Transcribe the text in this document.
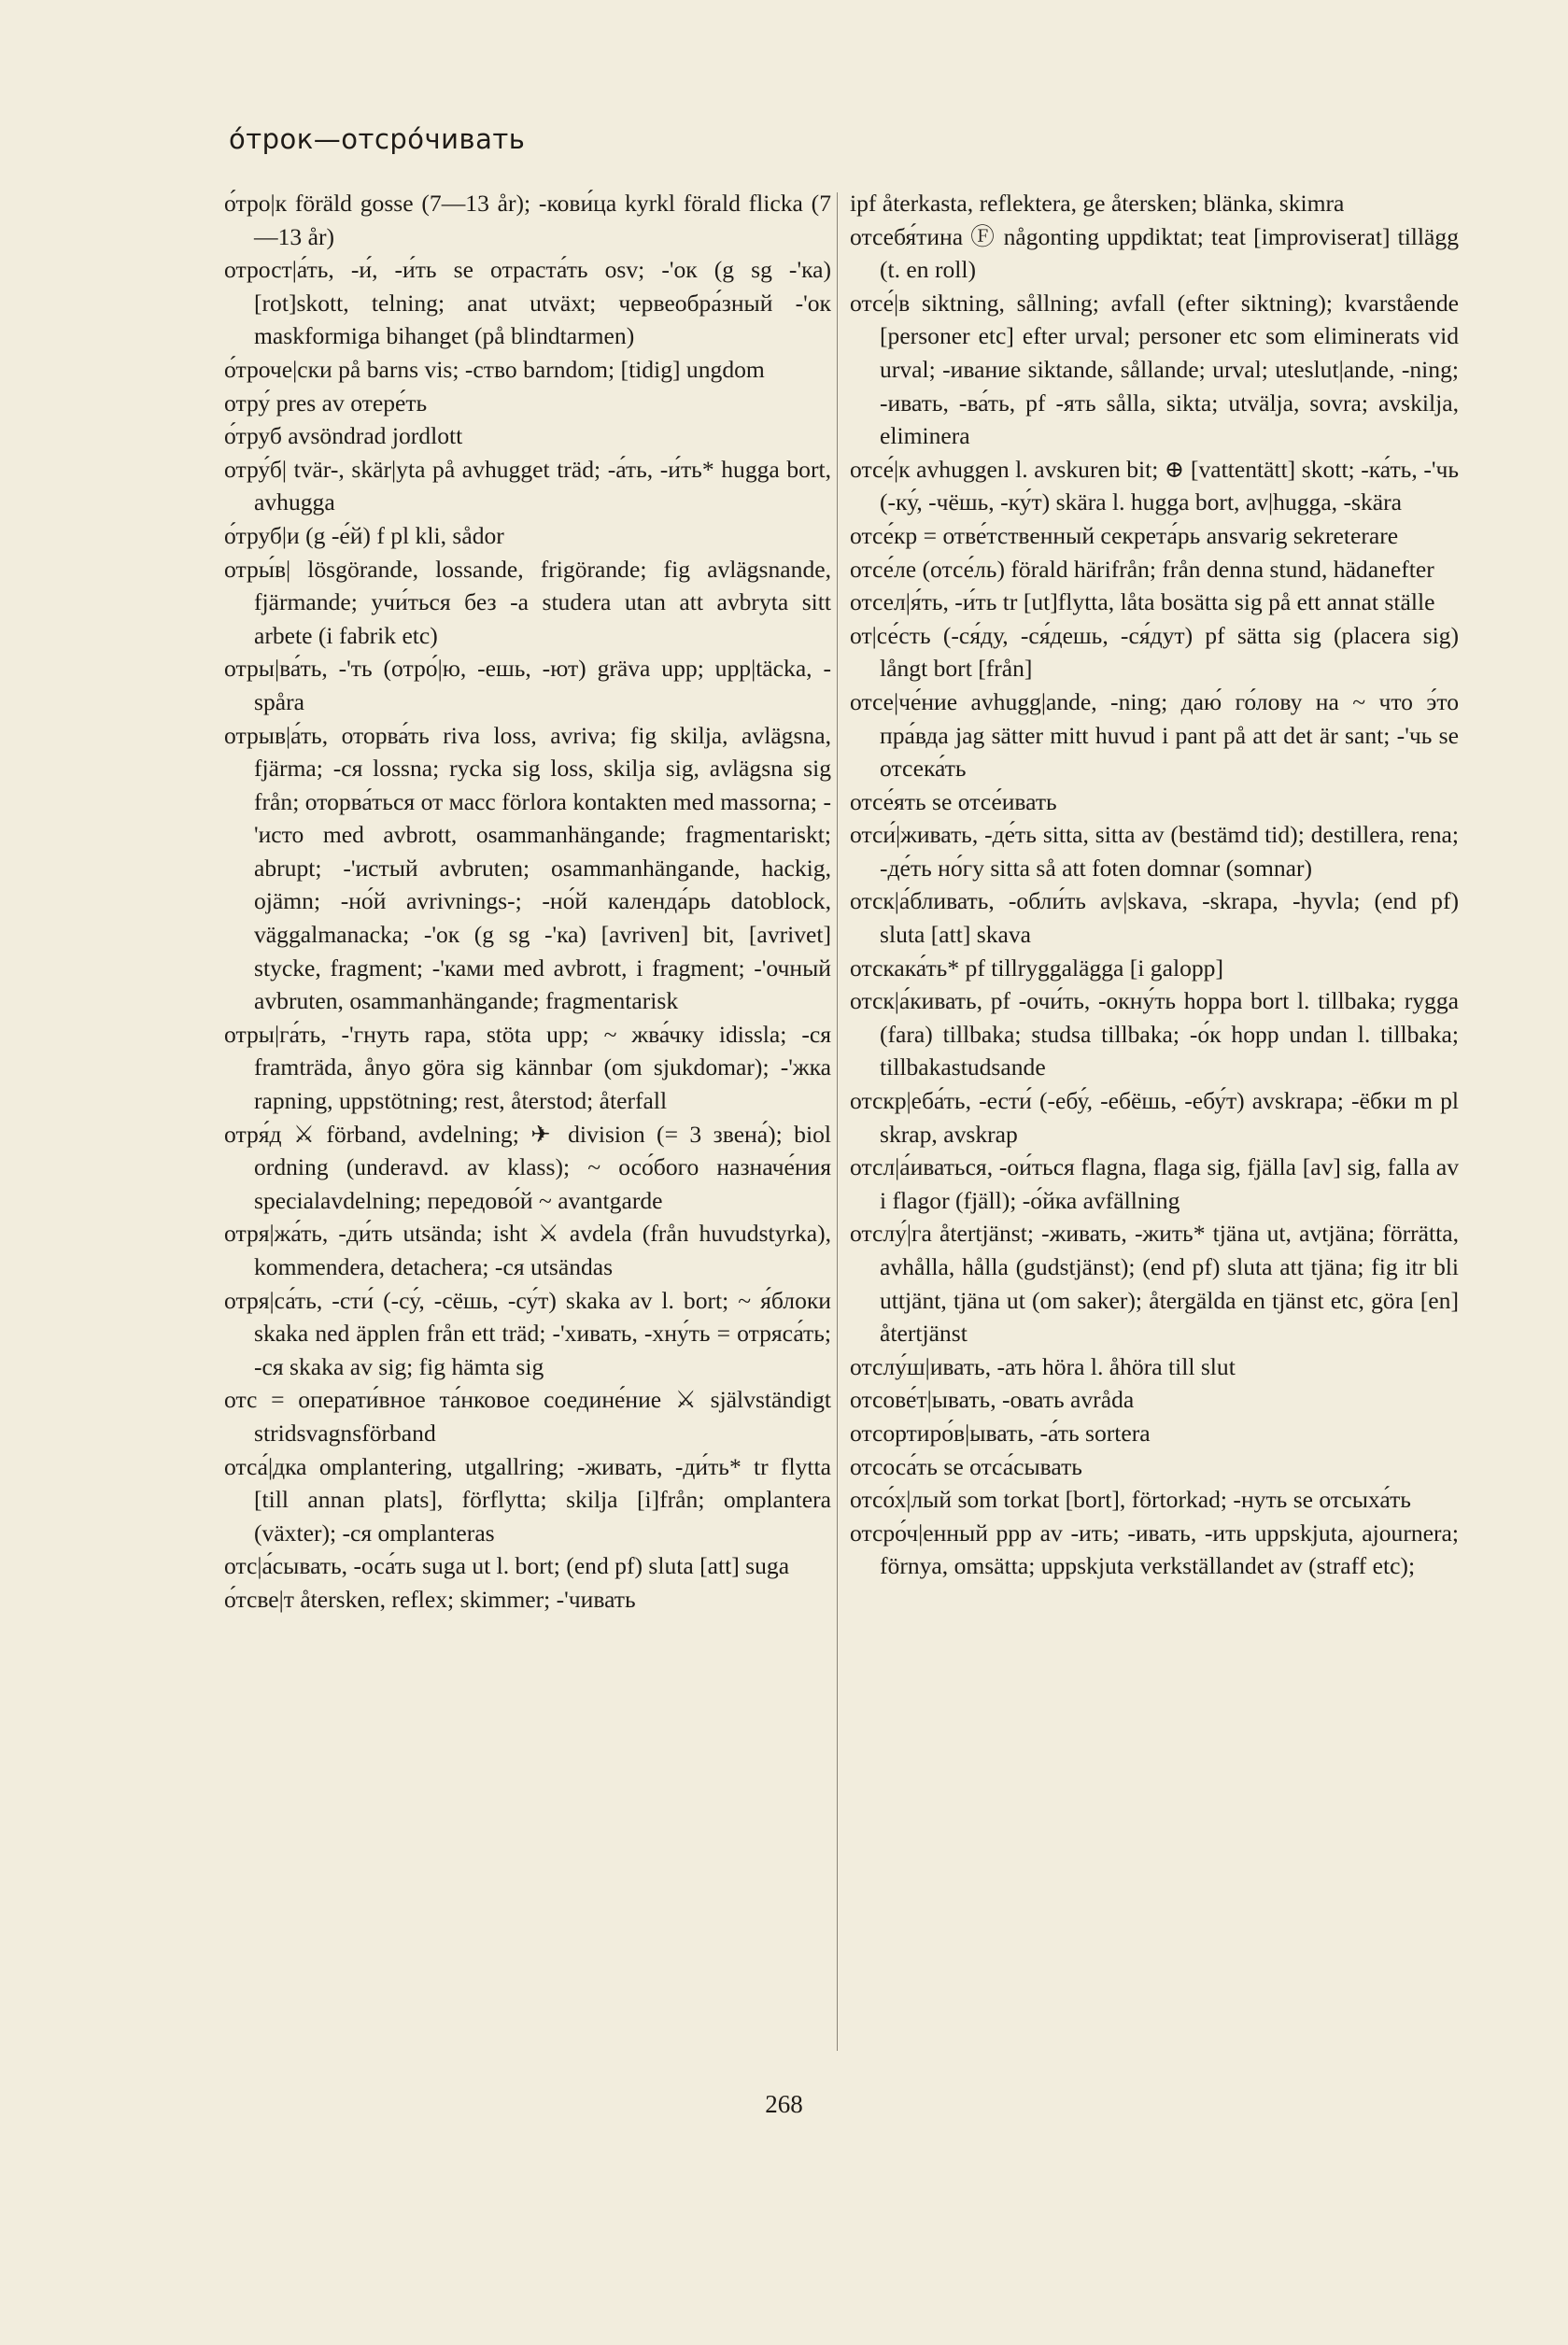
о́трок—отсро́чивать

о́тро|к föräld gosse (7—13 år); -кови́ца kyrkl förald flicka (7—13 år)

отрост|а́ть, -и́, -и́ть se отраста́ть osv; -'ок (g sg -'ка) [rot]skott, telning; anat utväxt; червеобра́зный -'ок maskformiga bihanget (på blindtarmen)

о́троче|ски på barns vis; -ство barndom; [tidig] ungdom

отру́ pres av отере́ть

о́труб avsöndrad jordlott

отру́б| tvär-, skär|yta på avhugget träd; -а́ть, -и́ть* hugga bort, avhugga

о́труб|и (g -е́й) f pl kli, sådor

отры́в| lösgörande, lossande, frigörande; fig avlägsnande, fjärmande; учи́ться без -а studera utan att avbryta sitt arbete (i fabrik etc)

отры|ва́ть, -'ть (отро́|ю, -ешь, -ют) gräva upp; upp|täcka, -spåra

отрыв|а́ть, оторва́ть riva loss, avriva; fig skilja, avlägsna, fjärma; -ся lossna; rycka sig loss, skilja sig, avlägsna sig från; оторва́ться от масс förlora kontakten med massorna; -'исто med avbrott, osammanhängande; fragmentariskt; abrupt; -'истый avbruten; osammanhängande, hackig, ojämn; -но́й avrivnings-; -но́й календа́рь datoblock, väggalmanacka; -'ок (g sg -'ка) [avriven] bit, [avrivet] stycke, fragment; -'ками med avbrott, i fragment; -'очный avbruten, osammanhängande; fragmentarisk

отры|га́ть, -'гнуть rapa, stöta upp; ~ жва́чку idissla; -ся framträda, ånyo göra sig kännbar (om sjukdomar); -'жка rapning, uppstötning; rest, återstod; återfall

отря́д ⚔ förband, avdelning; ✈ division (= 3 звена́); biol ordning (underavd. av klass); ~ осо́бого назначе́ния specialavdelning; передово́й ~ avantgarde

отря|жа́ть, -ди́ть utsända; isht ⚔ avdela (från huvudstyrka), kommendera, detachera; -ся utsändas

отря|са́ть, -сти́ (-су́, -сёшь, -су́т) skaka av l. bort; ~ я́блоки skaka ned äpplen från ett träd; -'хивать, -хну́ть = отряса́ть; -ся skaka av sig; fig hämta sig

отс = операти́вное та́нковое соедине́ние ⚔ självständigt stridsvagnsförband

отса́|дка omplantering, utgallring; -живать, -ди́ть* tr flytta [till annan plats], förflytta; skilja [i]från; omplantera (växter); -ся omplanteras

отс|а́сывать, -оса́ть suga ut l. bort; (end pf) sluta [att] suga

о́тсве|т återsken, reflex; skimmer; -'чивать

ipf återkasta, reflektera, ge återsken; blänka, skimra

отсебя́тина Ⓕ någonting uppdiktat; teat [improviserat] tillägg (t. en roll)

отсе́|в siktning, sållning; avfall (efter siktning); kvarstående [personer etc] efter urval; personer etc som eliminerats vid urval; -ивание siktande, sållande; urval; uteslut|ande, -ning; -ивать, -ва́ть, pf -ять sålla, sikta; utvälja, sovra; avskilja, eliminera

отсе́|к avhuggen l. avskuren bit; ⊕ [vattentätt] skott; -ка́ть, -'чь (-ку́, -чёшь, -ку́т) skära l. hugga bort, av|hugga, -skära

отсе́кр = отве́тственный секрета́рь ansvarig sekreterare

отсе́ле (отсе́ль) förald härifrån; från denna stund, hädanefter

отсел|я́ть, -и́ть tr [ut]flytta, låta bosätta sig på ett annat ställe

от|се́сть (-ся́ду, -ся́дешь, -ся́дут) pf sätta sig (placera sig) långt bort [från]

отсе|че́ние avhugg|ande, -ning; даю́ го́лову на ~ что э́то пра́вда jag sätter mitt huvud i pant på att det är sant; -'чь se отсека́ть

отсе́ять se отсе́ивать

отси́|живать, -де́ть sitta, sitta av (bestämd tid); destillera, rena; -де́ть но́гу sitta så att foten domnar (somnar)

отск|а́бливать, -обли́ть av|skava, -skrapa, -hyvla; (end pf) sluta [att] skava

отскака́ть* pf tillryggalägga [i galopp]

отск|а́кивать, pf -очи́ть, -окну́ть hoppa bort l. tillbaka; rygga (fara) tillbaka; studsa tillbaka; -о́к hopp undan l. tillbaka; tillbakastudsande

отскр|еба́ть, -ести́ (-ебу́, -ебёшь, -ебу́т) avskrapa; -ёбки m pl skrap, avskrap

отсл|а́иваться, -ои́ться flagna, flaga sig, fjälla [av] sig, falla av i flagor (fjäll); -о́йка avfällning

отслу́|га återtjänst; -живать, -жить* tjäna ut, avtjäna; förrätta, avhålla, hålla (gudstjänst); (end pf) sluta att tjäna; fig itr bli uttjänt, tjäna ut (om saker); återgälda en tjänst etc, göra [en] återtjänst

отслу́ш|ивать, -ать höra l. åhöra till slut

отсове́т|ывать, -овать avråda

отсортиро́в|ывать, -а́ть sortera

отсоса́ть se отса́сывать

отсо́х|лый som torkat [bort], förtorkad; -нуть se отсыха́ть

отсро́ч|енный ppp av -ить; -ивать, -ить uppskjuta, ajournera; förnya, omsätta; uppskjuta verkställandet av (straff etc);

268
